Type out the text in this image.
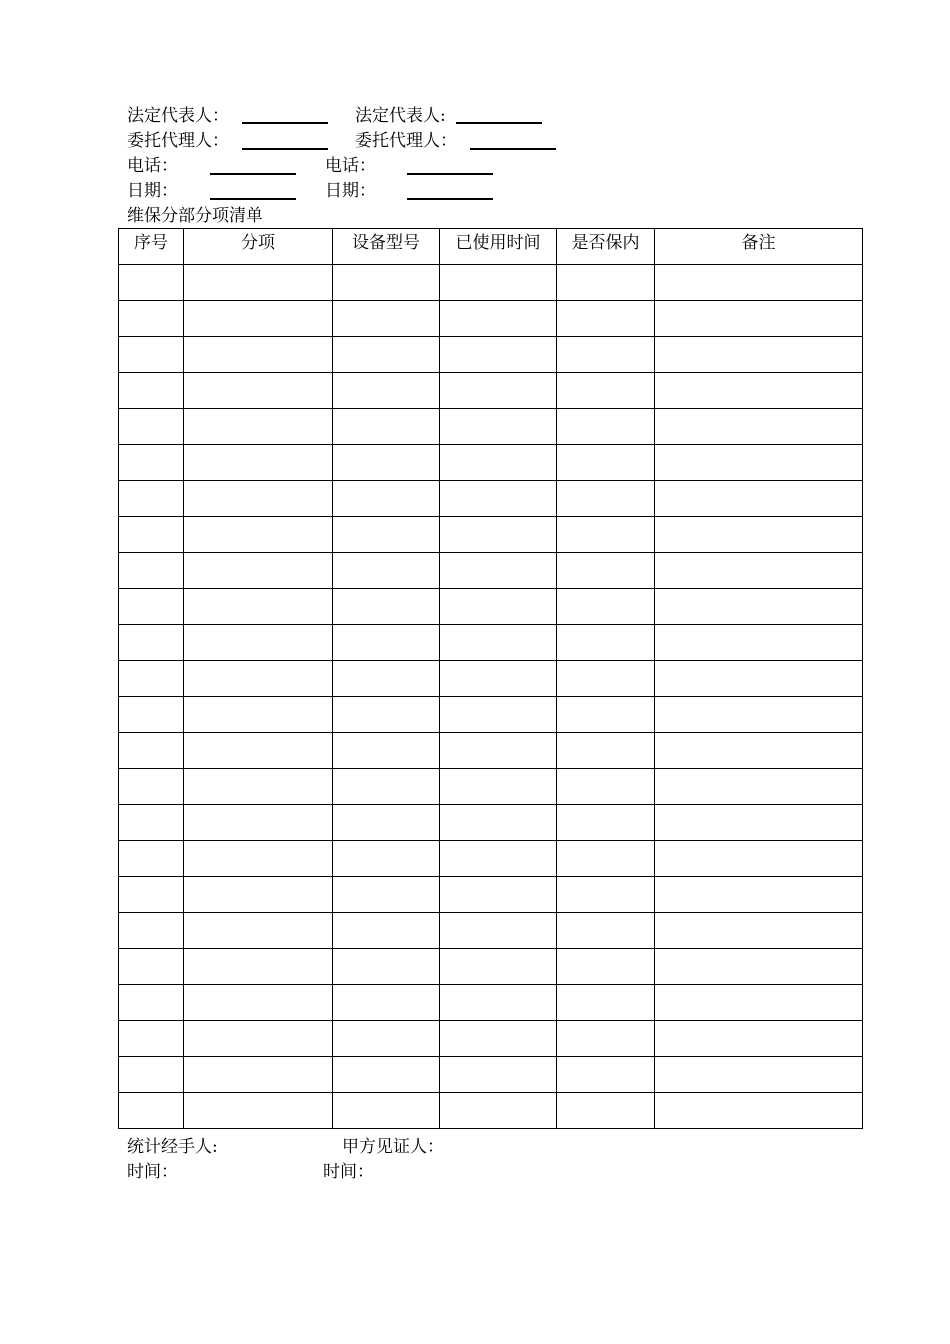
法定代表人：	法定代表人:
委托代理人：	委托代理人：
电话：	电话：
日期：	日期：
维保分部分项清单
序号	分项	设备型号	已使用时间	是否保内	备注

统计经手人:	甲方见证人：
时间：	时间：
